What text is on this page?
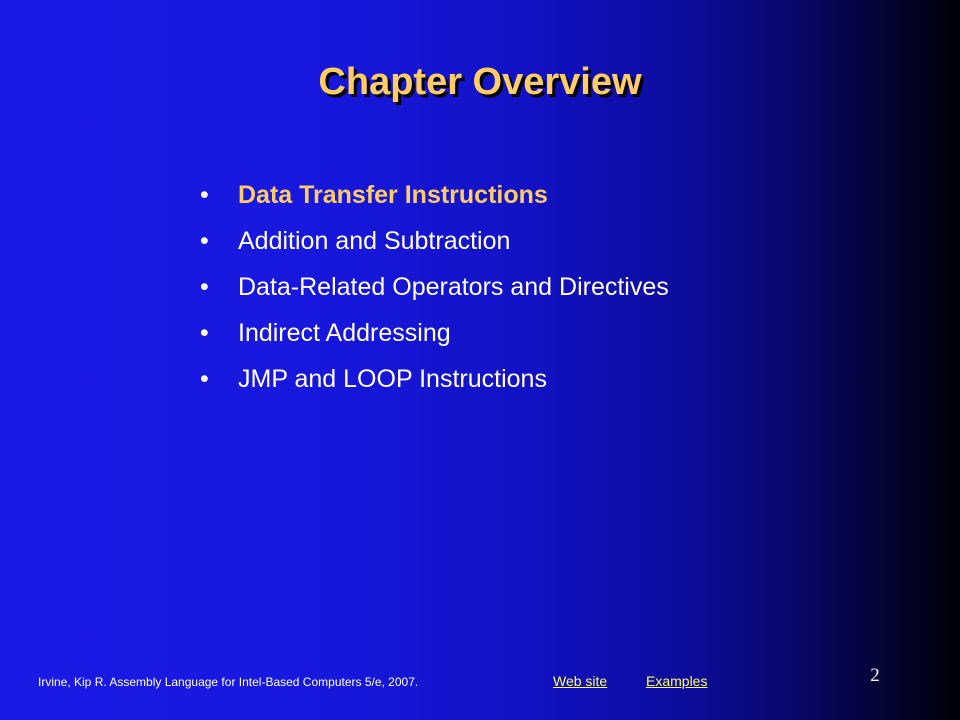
Chapter Overview
•	Data Transfer Instructions
•	Addition and Subtraction
•	Data-Related Operators and Directives
•	Indirect Addressing
•	JMP and LOOP Instructions
Irvine, Kip R. Assembly Language for Intel-Based Computers 5/e, 2007.	Web site	Examples	2
